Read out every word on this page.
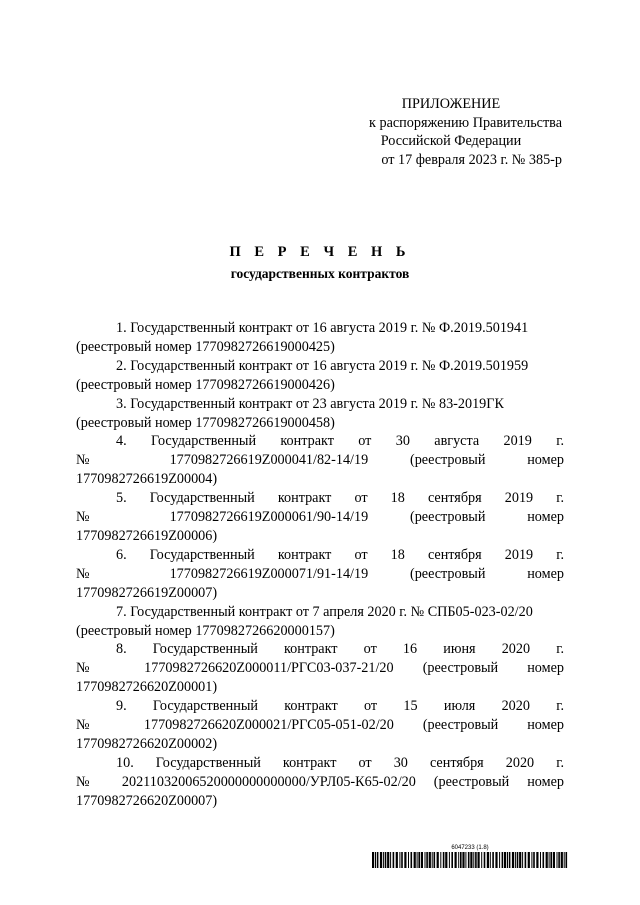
ПРИЛОЖЕНИЕ
к распоряжению Правительства
Российской Федерации
от 17 февраля 2023 г. № 385-р
П Е Р Е Ч Е Н Ь
государственных контрактов
1. Государственный контракт от 16 августа 2019 г. № Ф.2019.501941
(реестровый номер 1770982726619000425)
2. Государственный контракт от 16 августа 2019 г. № Ф.2019.501959
(реестровый номер 1770982726619000426)
3. Государственный контракт от 23 августа 2019 г. № 83-2019ГК
(реестровый номер 1770982726619000458)
4. Государственный контракт от 30 августа 2019 г.
№ 1770982726619Z000041/82-14/19 (реестровый номер
1770982726619Z00004)
5. Государственный контракт от 18 сентября 2019 г.
№ 1770982726619Z000061/90-14/19 (реестровый номер
1770982726619Z00006)
6. Государственный контракт от 18 сентября 2019 г.
№ 1770982726619Z000071/91-14/19 (реестровый номер
1770982726619Z00007)
7. Государственный контракт от 7 апреля 2020 г. № СПБ05-023-02/20
(реестровый номер 1770982726620000157)
8. Государственный контракт от 16 июня 2020 г.
№ 1770982726620Z000011/РГС03-037-21/20 (реестровый номер
1770982726620Z00001)
9. Государственный контракт от 15 июля 2020 г.
№ 1770982726620Z000021/РГС05-051-02/20 (реестровый номер
1770982726620Z00002)
10. Государственный контракт от 30 сентября 2020 г.
№ 20211032006520000000000000/УРЛ05-К65-02/20 (реестровый номер
1770982726620Z00007)
6047233 (1.8)
